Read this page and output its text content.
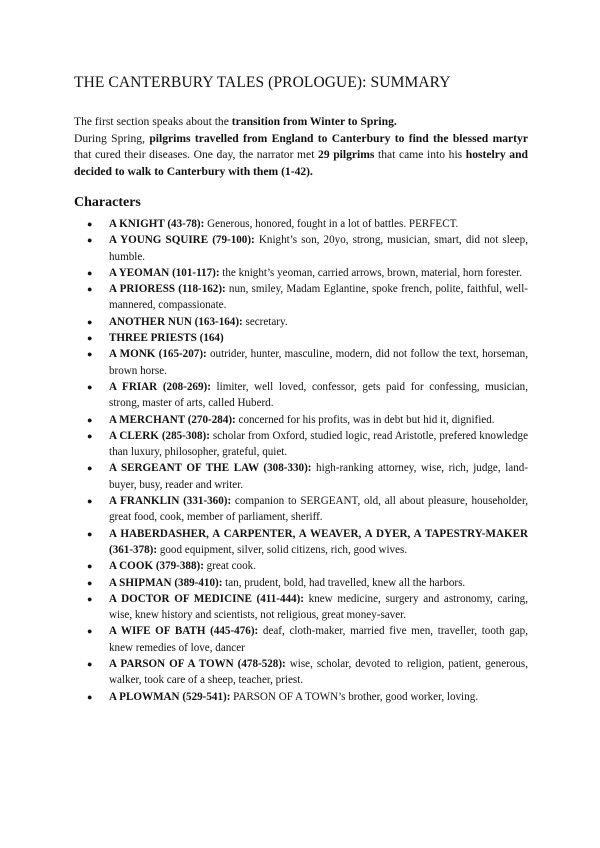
THE CANTERBURY TALES (PROLOGUE): SUMMARY

The first section speaks about the transition from Winter to Spring.
During Spring, pilgrims travelled from England to Canterbury to find the blessed martyr that cured their diseases. One day, the narrator met 29 pilgrims that came into his hostelry and decided to walk to Canterbury with them (1-42).

Characters
● A KNIGHT (43-78): Generous, honored, fought in a lot of battles. PERFECT.
● A YOUNG SQUIRE (79-100): Knight’s son, 20yo, strong, musician, smart, did not sleep, humble.
● A YEOMAN (101-117): the knight’s yeoman, carried arrows, brown, material, horn forester.
● A PRIORESS (118-162): nun, smiley, Madam Eglantine, spoke french, polite, faithful, well-mannered, compassionate.
● ANOTHER NUN (163-164): secretary.
● THREE PRIESTS (164)
● A MONK (165-207): outrider, hunter, masculine, modern, did not follow the text, horseman, brown horse.
● A FRIAR (208-269): limiter, well loved, confessor, gets paid for confessing, musician, strong, master of arts, called Huberd.
● A MERCHANT (270-284): concerned for his profits, was in debt but hid it, dignified.
● A CLERK (285-308): scholar from Oxford, studied logic, read Aristotle, prefered knowledge than luxury, philosopher, grateful, quiet.
● A SERGEANT OF THE LAW (308-330): high-ranking attorney, wise, rich, judge, land-buyer, busy, reader and writer.
● A FRANKLIN (331-360): companion to SERGEANT, old, all about pleasure, householder, great food, cook, member of parliament, sheriff.
● A HABERDASHER, A CARPENTER, A WEAVER, A DYER, A TAPESTRY-MAKER (361-378): good equipment, silver, solid citizens, rich, good wives.
● A COOK (379-388): great cook.
● A SHIPMAN (389-410): tan, prudent, bold, had travelled, knew all the harbors.
● A DOCTOR OF MEDICINE (411-444): knew medicine, surgery and astronomy, caring, wise, knew history and scientists, not religious, great money-saver.
● A WIFE OF BATH (445-476): deaf, cloth-maker, married five men, traveller, tooth gap, knew remedies of love, dancer
● A PARSON OF A TOWN (478-528): wise, scholar, devoted to religion, patient, generous, walker, took care of a sheep, teacher, priest.
● A PLOWMAN (529-541): PARSON OF A TOWN’s brother, good worker, loving.
